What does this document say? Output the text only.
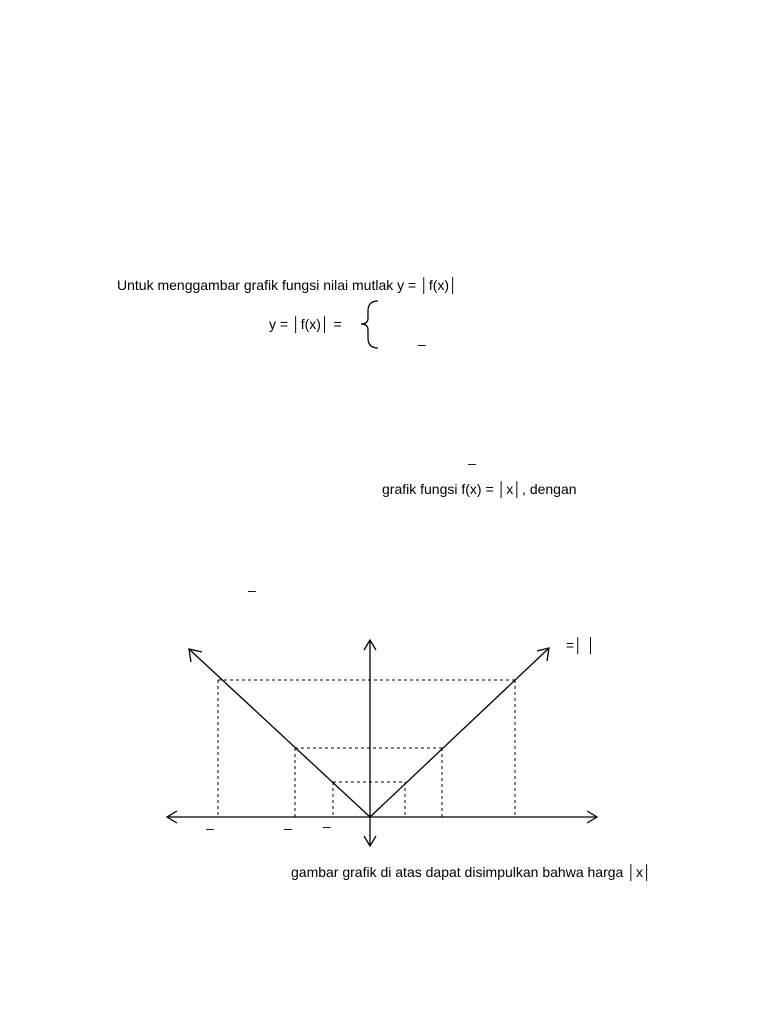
Untuk menggambar grafik fungsi nilai mutlak y = │f(x)│
y = │f(x)│ =
–
–
grafik fungsi f(x) = │x│, dengan
–
=│ │
gambar grafik di atas dapat disimpulkan bahwa harga │x│
–	– –
